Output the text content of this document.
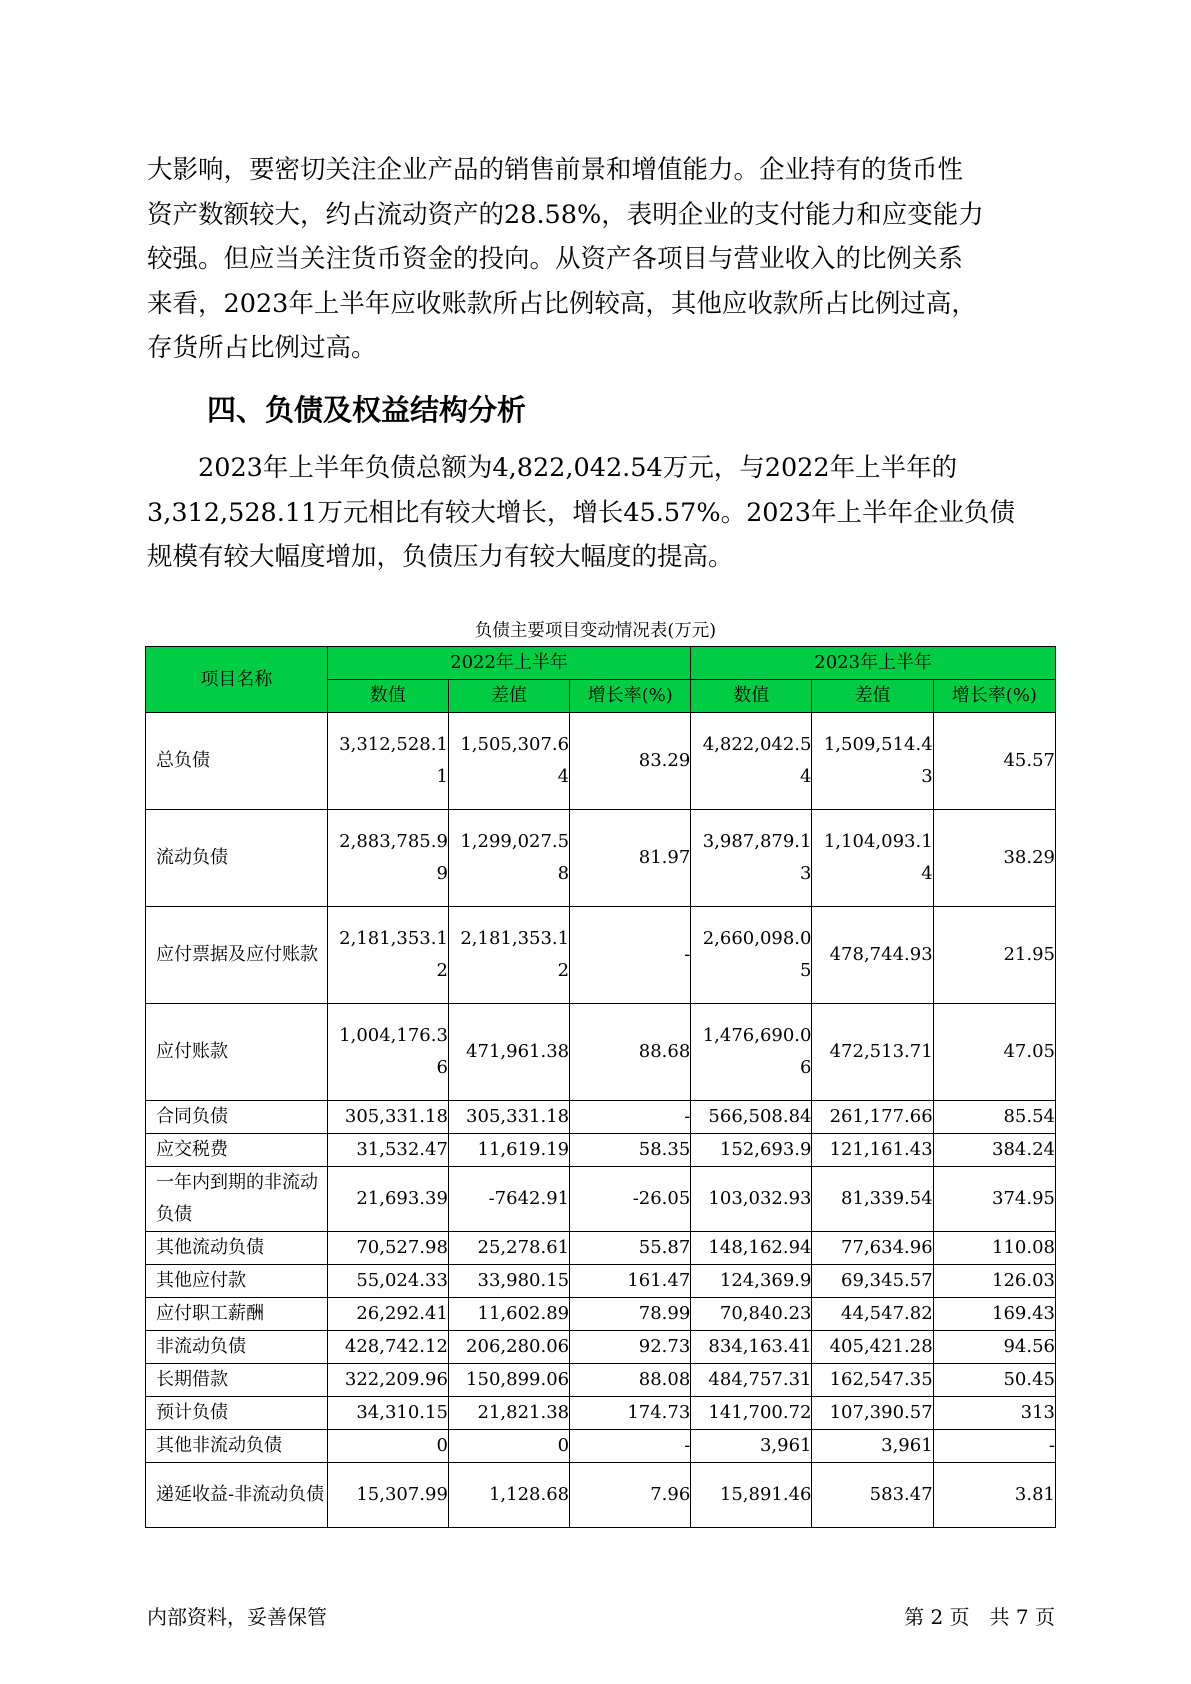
大影响，要密切关注企业产品的销售前景和增值能力。企业持有的货币性
资产数额较大，约占流动资产的28.58%，表明企业的支付能力和应变能力
较强。但应当关注货币资金的投向。从资产各项目与营业收入的比例关系
来看，2023年上半年应收账款所占比例较高，其他应收款所占比例过高，
存货所占比例过高。
四、负债及权益结构分析
　　2023年上半年负债总额为4,822,042.54万元，与2022年上半年的
3,312,528.11万元相比有较大增长，增长45.57%。2023年上半年企业负债
规模有较大幅度增加，负债压力有较大幅度的提高。
负债主要项目变动情况表(万元)
项目名称	2022年上半年			2023年上半年		
	数值	差值	增长率(%)	数值	差值	增长率(%)
总负债	3,312,528.11	1,505,307.64	83.29	4,822,042.54	1,509,514.43	45.57
流动负债	2,883,785.99	1,299,027.58	81.97	3,987,879.13	1,104,093.14	38.29
应付票据及应付账款	2,181,353.12	2,181,353.12	-	2,660,098.05	478,744.93	21.95
应付账款	1,004,176.36	471,961.38	88.68	1,476,690.06	472,513.71	47.05
合同负债	305,331.18	305,331.18	-	566,508.84	261,177.66	85.54
应交税费	31,532.47	11,619.19	58.35	152,693.9	121,161.43	384.24
一年内到期的非流动负债	21,693.39	-7642.91	-26.05	103,032.93	81,339.54	374.95
其他流动负债	70,527.98	25,278.61	55.87	148,162.94	77,634.96	110.08
其他应付款	55,024.33	33,980.15	161.47	124,369.9	69,345.57	126.03
应付职工薪酬	26,292.41	11,602.89	78.99	70,840.23	44,547.82	169.43
非流动负债	428,742.12	206,280.06	92.73	834,163.41	405,421.28	94.56
长期借款	322,209.96	150,899.06	88.08	484,757.31	162,547.35	50.45
预计负债	34,310.15	21,821.38	174.73	141,700.72	107,390.57	313
其他非流动负债	0	0	-	3,961	3,961	-
递延收益-非流动负债	15,307.99	1,128.68	7.96	15,891.46	583.47	3.81
内部资料，妥善保管	第 2 页　共 7 页
